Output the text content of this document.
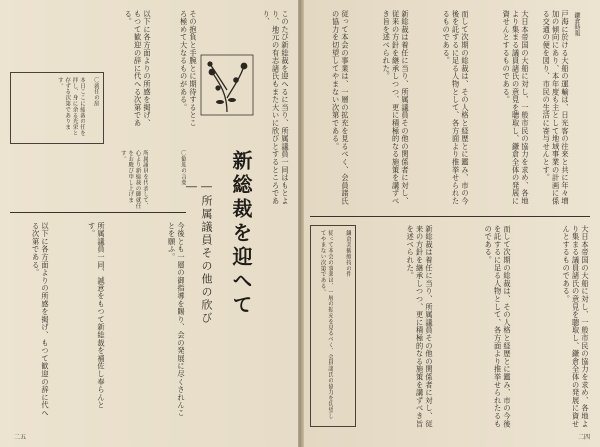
鎌倉時報
戸海に於ける大船の運輸は、日光客の往来と共に年々増加の傾向にあり、本年度も主として地域事業の計画に係る交通の便を図り、市民の生活に寄与せんとす。
大日本帝国の大船に対し、一般市民の協力を求め、各地より集まる議員諸氏の意見を聴取し、鎌倉全体の発展に資せんとするものである。
而して次期の総裁は、その人格と経歴とに鑑み、市の今後を託するに足る人物として、各方面より推挙せられたるものである。
新総裁は着任に当り、所属議員その他の関係者に対し、従来の方針を継承しつつ、更に積極的なる施策を講ずべき旨を述べられた。
従って本会の事業は、一層の拡充を見るべく、会員諸氏の協力を切望してやまない次第である。
大日本帝国の大船に対し、一般市民の協力を求め、各地より集まる議員諸氏の意見を聴取し、鎌倉全体の発展に資せんとするものである。
而して次期の総裁は、その人格と経歴とに鑑み、市の今後を託するに足る人物として、各方面より推挙せられたるものである。
新総裁は着任に当り、所属議員その他の関係者に対し、従来の方針を継承しつつ、更に積極的なる施策を講ずべき旨を述べられた。
鎌倉美観維持の件
従って本会の事業は、一層の拡充を見るべく、会員諸氏の協力を切望してやまない次第である。
二四
このたび新総裁を迎へるに当り、所属議員一同はもとより、地元の有志諸氏もまた大いに欣びとするところであり、
その抱負と手腕とに期待するところ極めて大なるものがある。
以下に各方面よりの所感を掲げ、もつて歓迎の辞に代へる次第である。
〇就任の辞
本日ここに総裁の任を拝し、身に余る光栄と存ずる次第であります。
新総裁を迎へて
―所属議員その他の欣び―
〇歓迎の言葉
所属議員を代表して、心より新総裁の御就任をお慶び申し上げます。
今後とも一層の御指導を賜り、会の発展に尽くされんことを願ふ。
所属議員一同、誠意をもつて新総裁を補佐し奉らんとす。
以下に各方面よりの所感を掲げ、もつて歓迎の辞に代へる次第である。
二五
